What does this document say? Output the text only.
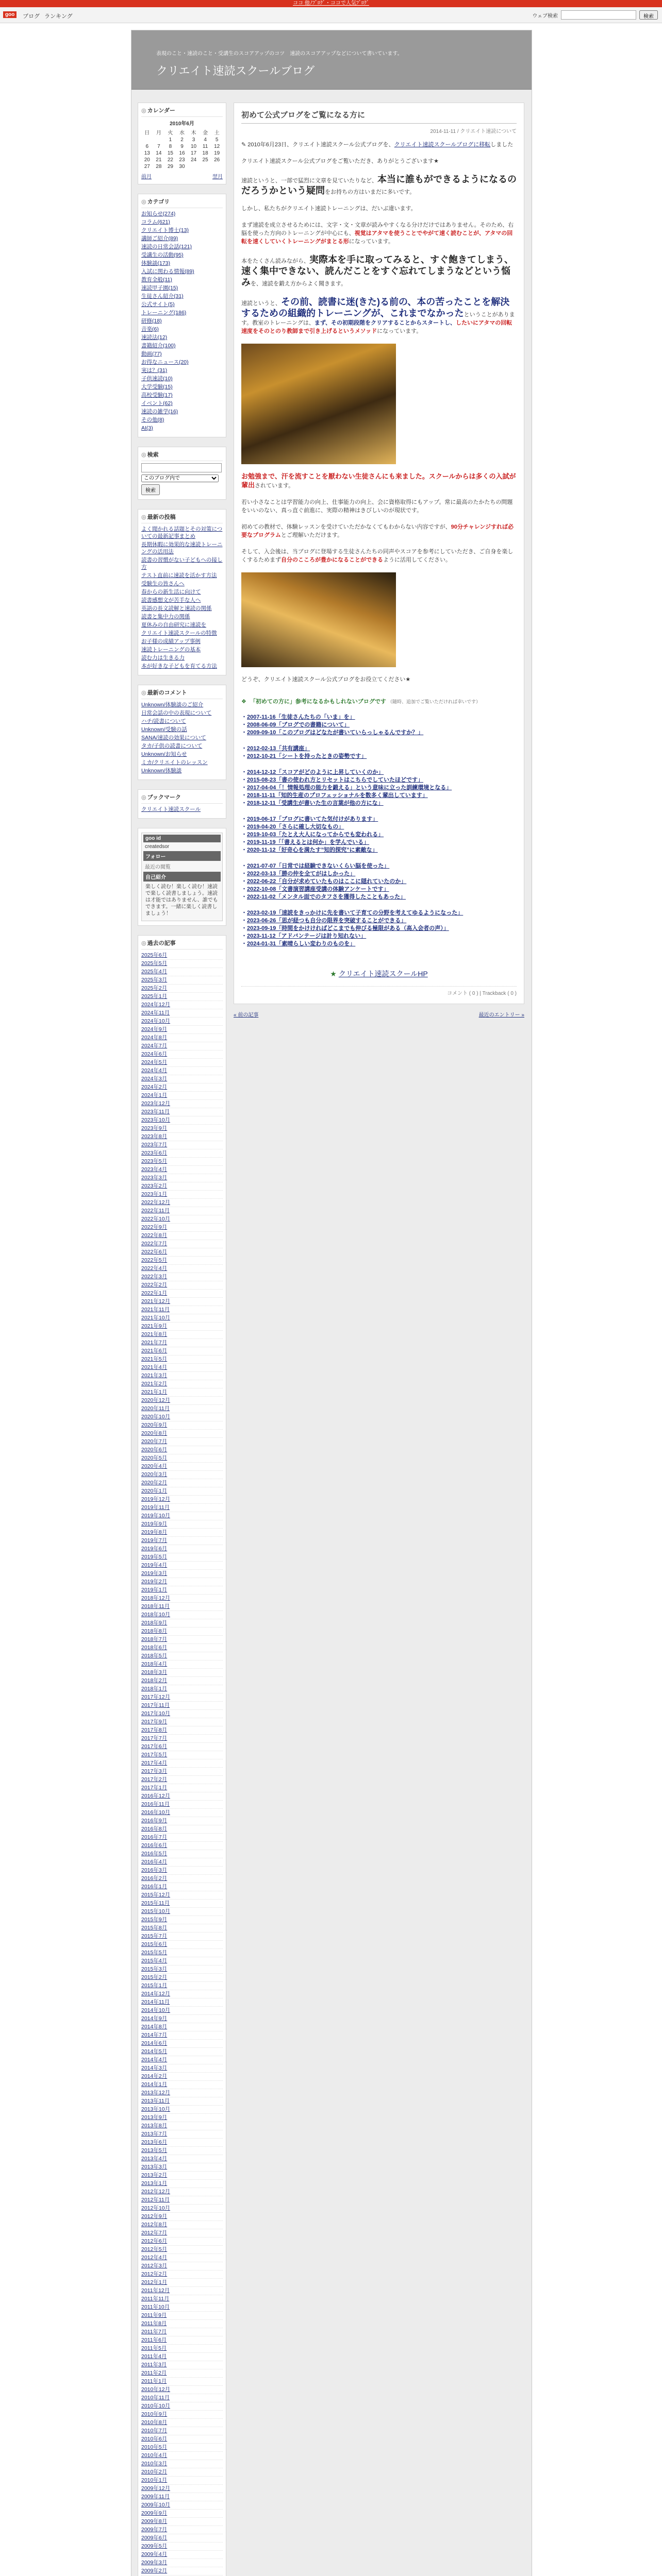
ココ 他ﾉﾌﾞﾛｸﾞ・ココで人気ﾌﾞﾛｸﾞ
goo	ブログ ランキング	ウェブ検索	検索
表現のこと・速読のこと・受講生のスコアアップのコツ　速読のスコアアップなどについて書いています。
クリエイト速読スクールブログ
◎ カレンダー
2010年6月
日	月	火	水	木	金	土
		1	2	3	4	5
6	7	8	9	10	11	12
13	14	15	16	17	18	19
20	21	22	23	24	25	26
27	28	29	30			
前月	翌月
◎ カテゴリ
お知らせ(274)
コラム(621)
クリエイト博士(13)
講師ご紹介(89)
速読の日常会話(121)
受講生の活動(95)
体験談(173)
入試に関わる情報(89)
教育全般(11)
速読甲子園(15)
生徒さん紹介(31)
公式サイト(5)
トレーニング(186)
研修(18)
音楽(6)
速読法(12)
書籍紹介(100)
動画(77)
お得なニュース(20)
実は？(31)
子供速読(10)
大学受験(15)
高校受験(17)
イベント(62)
速読の雑学(16)
その他(8)
AI(3)
◎ 検索

このブログ内で
検索
◎ 最新の投稿
よく聞かれる話題とその対策についての最新記事まとめ
長期休暇に効果的な速読トレーニングの活用法
読書の習慣がない子どもへの接し方
テスト直前に速読を活かす方法
受験生の皆さんへ
春からの新生活に向けて
読書感想文が苦手な人へ
英語の長文読解と速読の関係
読書と集中力の関係
夏休みの自由研究に速読を
クリエイト速読スクールの特徴
お子様の成績アップ事例
速読トレーニングの基本
読む力は生きる力
本が好きな子どもを育てる方法
◎ 最新のコメント
Unknown/体験談のご紹介
日常会話の中の表現について
ハチ/読書について
Unknown/受験の話
SANA/速読の効果について
タカ/子供の読書について
Unknown/お知らせ
ミカ/クリエイトのレッスン
Unknown/体験談
◎ ブックマーク
クリエイト速読スクール
goo id
createdsor
フォロー
最近の閲覧
自己紹介
楽しく読む！楽しく読む！速読で楽しく読書しましょう。速読は才能ではありません、誰でもできます。一緒に楽しく読書しましょう！
◎ 過去の記事
2025年6月
2025年5月
2025年4月
2025年3月
2025年2月
2025年1月
2024年12月
2024年11月
2024年10月
2024年9月
2024年8月
2024年7月
2024年6月
2024年5月
2024年4月
2024年3月
2024年2月
2024年1月
2023年12月
2023年11月
2023年10月
2023年9月
2023年8月
2023年7月
2023年6月
2023年5月
2023年4月
2023年3月
2023年2月
2023年1月
2022年12月
2022年11月
2022年10月
2022年9月
2022年8月
2022年7月
2022年6月
2022年5月
2022年4月
2022年3月
2022年2月
2022年1月
2021年12月
2021年11月
2021年10月
2021年9月
2021年8月
2021年7月
2021年6月
2021年5月
2021年4月
2021年3月
2021年2月
2021年1月
2020年12月
2020年11月
2020年10月
2020年9月
2020年8月
2020年7月
2020年6月
2020年5月
2020年4月
2020年3月
2020年2月
2020年1月
2019年12月
2019年11月
2019年10月
2019年9月
2019年8月
2019年7月
2019年6月
2019年5月
2019年4月
2019年3月
2019年2月
2019年1月
2018年12月
2018年11月
2018年10月
2018年9月
2018年8月
2018年7月
2018年6月
2018年5月
2018年4月
2018年3月
2018年2月
2018年1月
2017年12月
2017年11月
2017年10月
2017年9月
2017年8月
2017年7月
2017年6月
2017年5月
2017年4月
2017年3月
2017年2月
2017年1月
2016年12月
2016年11月
2016年10月
2016年9月
2016年8月
2016年7月
2016年6月
2016年5月
2016年4月
2016年3月
2016年2月
2016年1月
2015年12月
2015年11月
2015年10月
2015年9月
2015年8月
2015年7月
2015年6月
2015年5月
2015年4月
2015年3月
2015年2月
2015年1月
2014年12月
2014年11月
2014年10月
2014年9月
2014年8月
2014年7月
2014年6月
2014年5月
2014年4月
2014年3月
2014年2月
2014年1月
2013年12月
2013年11月
2013年10月
2013年9月
2013年8月
2013年7月
2013年6月
2013年5月
2013年4月
2013年3月
2013年2月
2013年1月
2012年12月
2012年11月
2012年10月
2012年9月
2012年8月
2012年7月
2012年6月
2012年5月
2012年4月
2012年3月
2012年2月
2012年1月
2011年12月
2011年11月
2011年10月
2011年9月
2011年8月
2011年7月
2011年6月
2011年5月
2011年4月
2011年3月
2011年2月
2011年1月
2010年12月
2010年11月
2010年10月
2010年9月
2010年8月
2010年7月
2010年6月
2010年5月
2010年4月
2010年3月
2010年2月
2010年1月
2009年12月
2009年11月
2009年10月
2009年9月
2009年8月
2009年7月
2009年6月
2009年5月
2009年4月
2009年3月
2009年2月
初めて公式ブログをご覧になる方に
2014-11-11 / クリエイト速読について

✎ 2010年6月23日、クリエイト速読スクール公式ブログを、クリエイト速読スクールブログに移転しました

クリエイト速読スクール公式ブログをご覧いただき、ありがとうございます★

速読というと、一部で猛烈に文章を見ていたりなど、本当に誰もができるようになるのだろうかという疑問をお持ちの方はいまだに多いです。

しかし、私たちがクリエイト速読トレーニングは、だいぶ違います。

まず速読を成立させるためには、文字・文・文章が読みやすくなる分けだけではありません。そのため、右脳を使った方向のトレーニングが中心にも、視覚はアタマを使うことでやがて速く読むことが、アタマの回転を速くしていくトレーニングがまとる形になっています。

本をたくさん読みながら、実際本を手に取ってみると、すぐ飽きてしまう、速く集中できない、読んだことをすぐ忘れてしまうなどという悩みを、速読を鍛え方からよく聞きます。

速読というと、その前、読書に迷(きた)る前の、本の苦ったことを解決するための組織的トレーニングが、これまでなかったということがあります。教室のトレーニングは、まず、その初期段階をクリアすることからスタートし、したいにアタマの回転速度をそのとのり教師まで引き上げるというメソッドになっています。

お勉強まで、汗を流すことを厭わない生徒さんにも来ました。スクールからは多くの入試が輩出されています。

若い小さなことは学習能力の向上、仕事能力の向上、会に資格取得にもアップ。常に最高のたかたちの問題をいいのない、真っ直ぐ前進に、実際の精神はきびしいのが現状です。

初めての教材で、体験レッスンを受けていただかなくてもわからない内容ですが、90分チャレンジすれば必要なプログラムとご理解いただけます。

そして、入会後は、当ブログに登場する生徒さんたちの同声やスコアを参考にしていただき、ご自身を楽しくするためまず自分のこころが豊かになることができるように活用してください。

どうぞ、クリエイト速読スクール公式ブログをお役立てください★

❖ 「初めての方に」参考になるかもしれないブログです （随時、追加でご覧いただければ幸いです）
・2007-11-16「生徒さんたちの「いま」を」
・2008-06-09「ブログでの書籍について」
・2009-09-10「このブログはどなたが書いていらっしゃるんですか？」
・2012-02-13「共有講座」
・2012-10-21「シートを持ったときの姿勢です」
・2014-12-12「スコアがどのように上昇していくのか」
・2015-08-23「書の使われ方とリセットはこちらでしていたほどです」
・2017-04-04「！情報処理の能力を鍛える」という意味に立った訓練環境となる」
・2018-11-11「知的生産のプロフェッショナルを数多く輩出しています」
・2018-12-11「受講生が書いた生の言葉が他の方にな」
・2019-06-17「ブログに書いてた気付けがあります」
・2019-04-20「さらに確し大切なもの」
・2019-10-03「たとえ大人になってからでも変われる」
・2019-11-19「「書えるとは何か」を学んでいる」
・2020-11-12「好奇心を満たす”知的探究”に素敵な」
・2021-07-07「日常では経験できないくらい脳を使った」
・2022-03-13「勝の仲を全てがはしかった」
・2022-06-22「自分が求めていたものはここに隠れていたのか」
・2022-10-08「文書演習講座受講の体験アンケートです」
・2022-11-02「メンタル面でのタフさを獲得したこともあった」
・2023-02-19「速読をきっかけに先を書いて子育ての分野を考えてゆるようになった」
・2023-06-26「思が経つも自分の限界を突破することができる」
・2023-09-19「時間をかけければどこまでも伸びる極限がある（高入会者の声）」
・2023-11-12「アドバンテージは計り知れない」
・2024-01-31「素晴らしい変わりのものを」
★ クリエイト速読スクールHP
コメント ( 0 ) | Trackback ( 0 )
« 前の記事	最近のエントリー »
